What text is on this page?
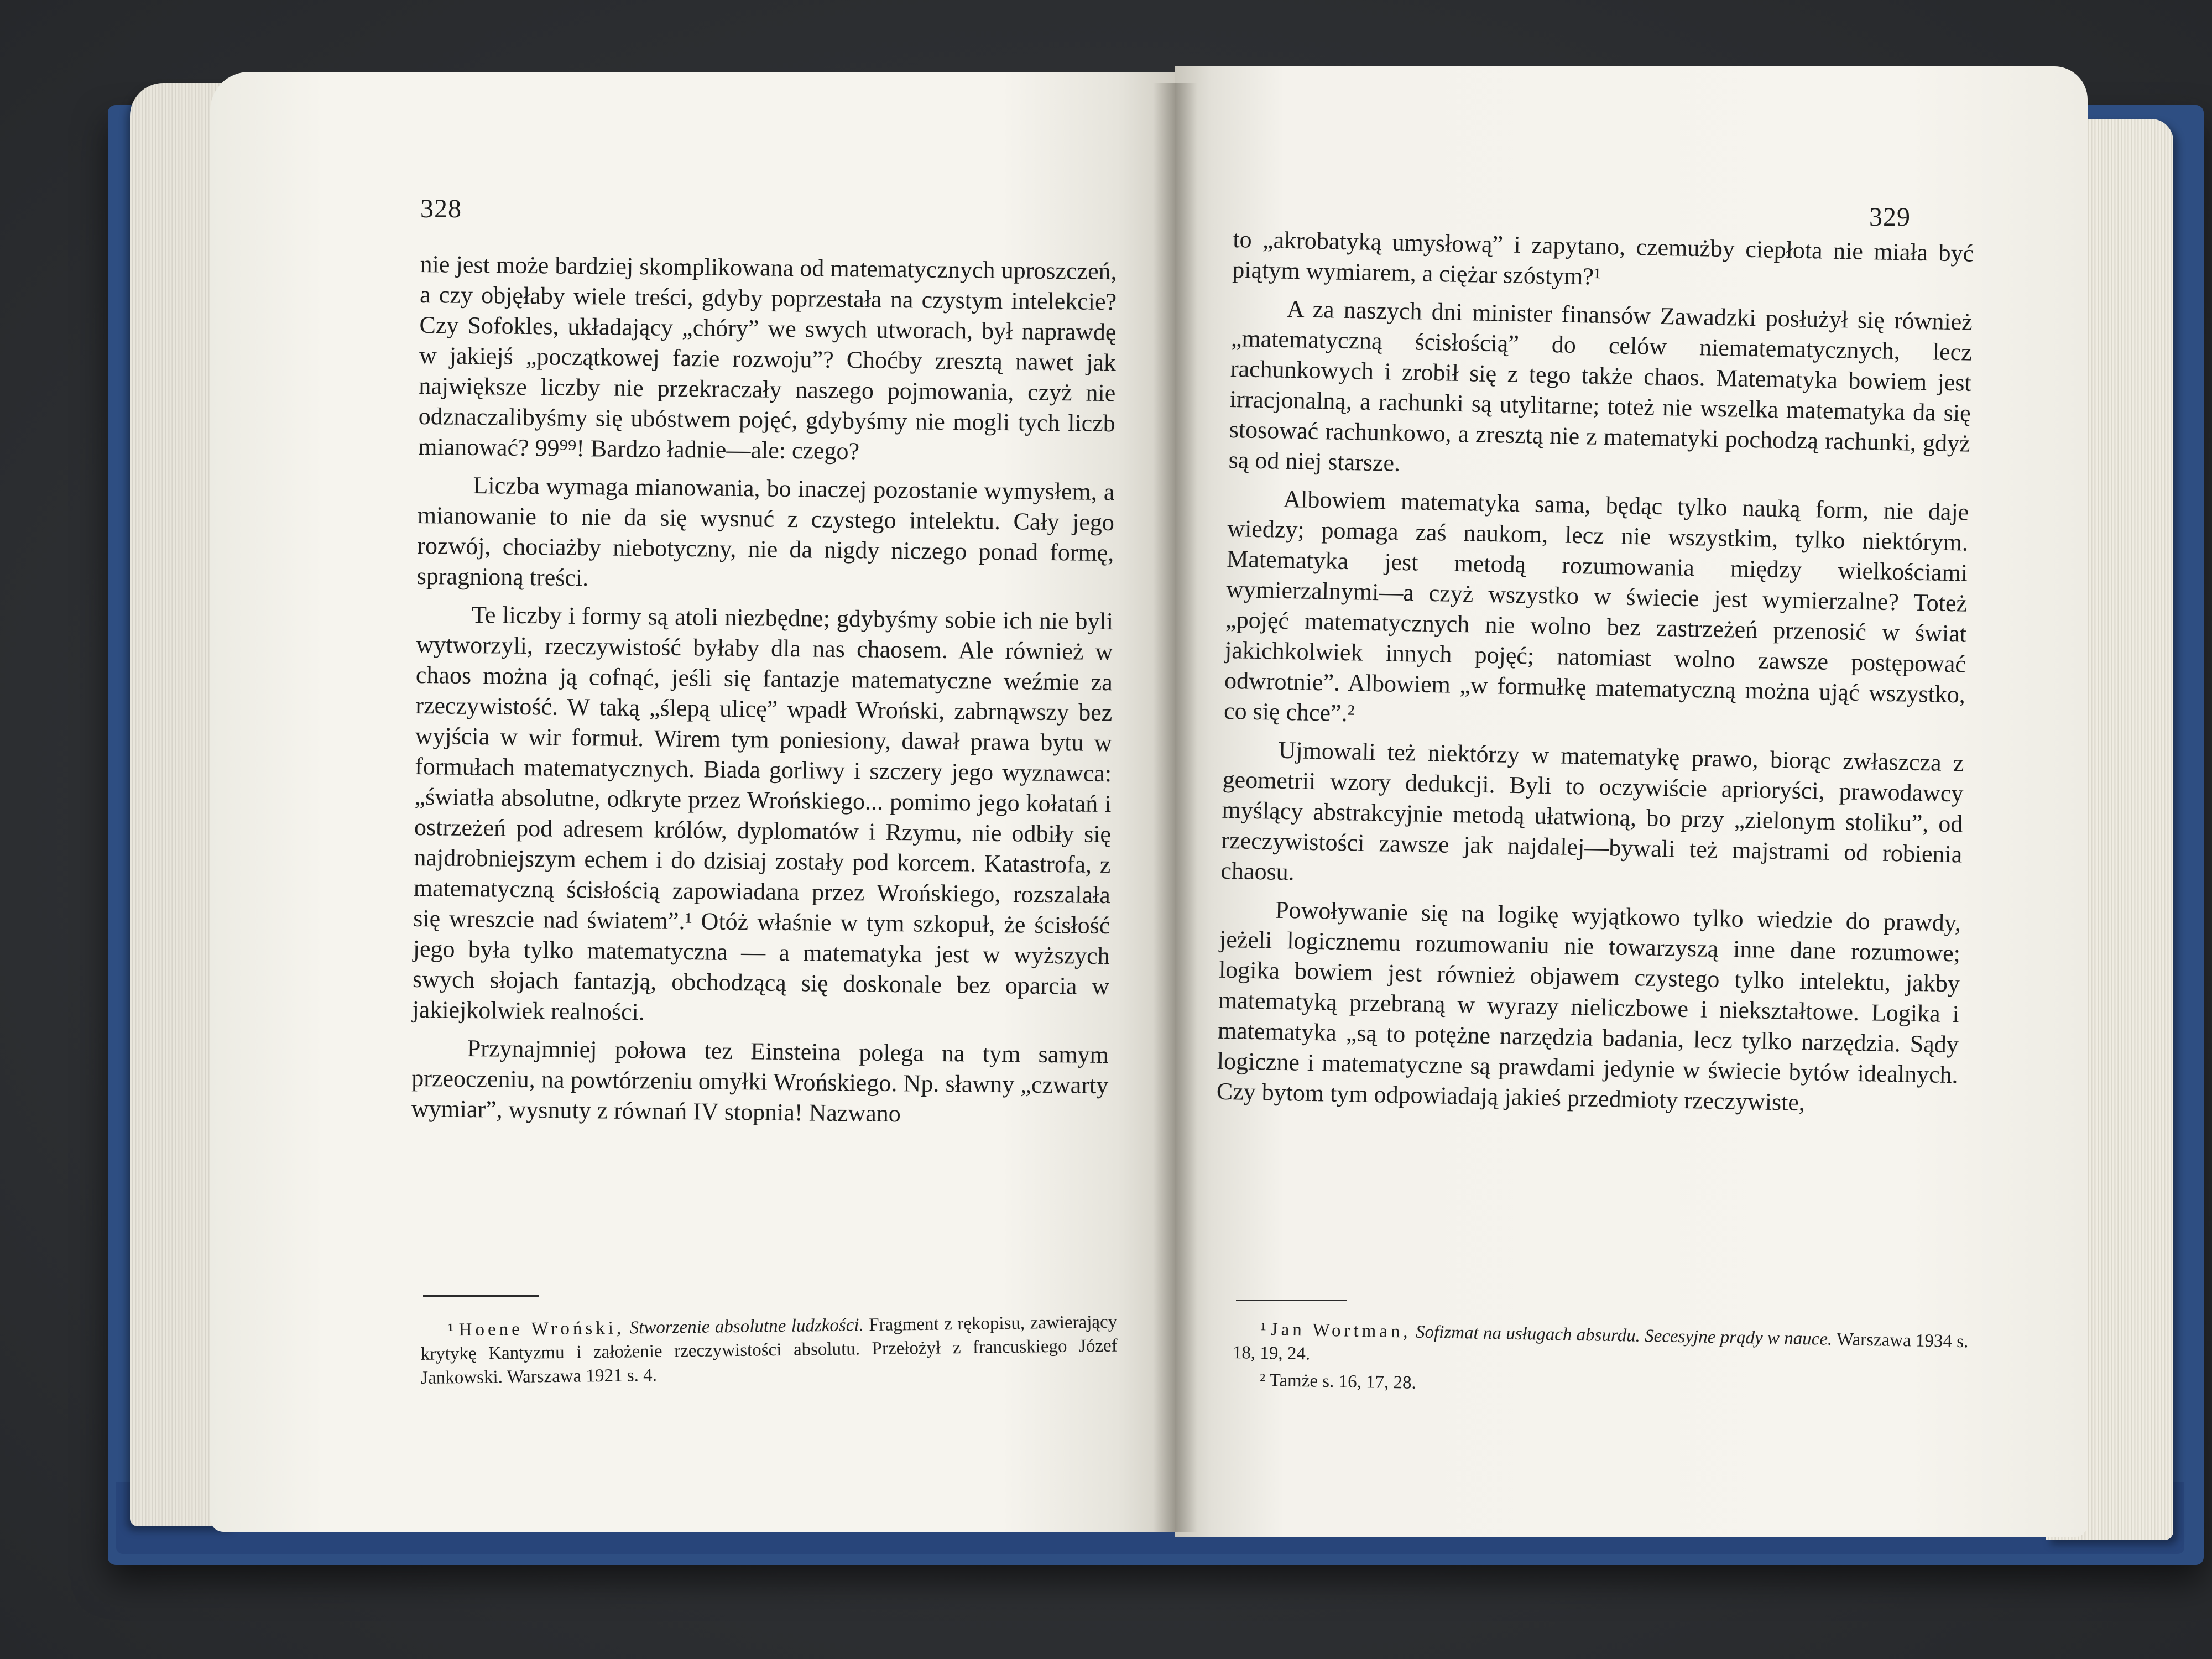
328

nie jest może bardziej skomplikowana od matematycznych uproszczeń, a czy objęłaby wiele treści, gdyby poprzestała na czystym intelekcie? Czy Sofokles, układający „chóry” we swych utworach, był naprawdę w jakiejś „początkowej fazie rozwoju”? Choćby zresztą nawet jak największe liczby nie przekraczały naszego pojmowania, czyż nie odznaczalibyśmy się ubóstwem pojęć, gdybyśmy nie mogli tych liczb mianować? 99⁹⁹! Bardzo ładnie—ale: czego?

Liczba wymaga mianowania, bo inaczej pozostanie wymysłem, a mianowanie to nie da się wysnuć z czystego intelektu. Cały jego rozwój, chociażby niebotyczny, nie da nigdy niczego ponad formę, spragnioną treści.

Te liczby i formy są atoli niezbędne; gdybyśmy sobie ich nie byli wytworzyli, rzeczywistość byłaby dla nas chaosem. Ale również w chaos można ją cofnąć, jeśli się fantazje matematyczne weźmie za rzeczywistość. W taką „ślepą ulicę” wpadł Wroński, zabrnąwszy bez wyjścia w wir formuł. Wirem tym poniesiony, dawał prawa bytu w formułach matematycznych. Biada gorliwy i szczery jego wyznawca: „światła absolutne, odkryte przez Wrońskiego... pomimo jego kołatań i ostrzeżeń pod adresem królów, dyplomatów i Rzymu, nie odbiły się najdrobniejszym echem i do dzisiaj zostały pod korcem. Katastrofa, z matematyczną ścisłością zapowiadana przez Wrońskiego, rozszalała się wreszcie nad światem”.¹ Otóż właśnie w tym szkopuł, że ścisłość jego była tylko matematyczna — a matematyka jest w wyższych swych słojach fantazją, obchodzącą się doskonale bez oparcia w jakiejkolwiek realności.

Przynajmniej połowa tez Einsteina polega na tym samym przeoczeniu, na powtórzeniu omyłki Wrońskiego. Np. sławny „czwarty wymiar”, wysnuty z równań IV stopnia! Nazwano

¹ Hoene Wroński, Stworzenie absolutne ludzkości. Fragment z rękopisu, zawierający krytykę Kantyzmu i założenie rzeczywistości absolutu. Przełożył z francuskiego Józef Jankowski. Warszawa 1921 s. 4.

329

to „akrobatyką umysłową” i zapytano, czemużby ciepłota nie miała być piątym wymiarem, a ciężar szóstym?¹

A za naszych dni minister finansów Zawadzki posłużył się również „matematyczną ścisłością” do celów niematematycznych, lecz rachunkowych i zrobił się z tego także chaos. Matematyka bowiem jest irracjonalną, a rachunki są utylitarne; toteż nie wszelka matematyka da się stosować rachunkowo, a zresztą nie z matematyki pochodzą rachunki, gdyż są od niej starsze.

Albowiem matematyka sama, będąc tylko nauką form, nie daje wiedzy; pomaga zaś naukom, lecz nie wszystkim, tylko niektórym. Matematyka jest metodą rozumowania między wielkościami wymierzalnymi—a czyż wszystko w świecie jest wymierzalne? Toteż „pojęć matematycznych nie wolno bez zastrzeżeń przenosić w świat jakichkolwiek innych pojęć; natomiast wolno zawsze postępować odwrotnie”. Albowiem „w formułkę matematyczną można ująć wszystko, co się chce”.²

Ujmowali też niektórzy w matematykę prawo, biorąc zwłaszcza z geometrii wzory dedukcji. Byli to oczywiście aprioryści, prawodawcy myślący abstrakcyjnie metodą ułatwioną, bo przy „zielonym stoliku”, od rzeczywistości zawsze jak najdalej—bywali też majstrami od robienia chaosu.

Powoływanie się na logikę wyjątkowo tylko wiedzie do prawdy, jeżeli logicznemu rozumowaniu nie towarzyszą inne dane rozumowe; logika bowiem jest również objawem czystego tylko intelektu, jakby matematyką przebraną w wyrazy nieliczbowe i niekształtowe. Logika i matematyka „są to potężne narzędzia badania, lecz tylko narzędzia. Sądy logiczne i matematyczne są prawdami jedynie w świecie bytów idealnych. Czy bytom tym odpowiadają jakieś przedmioty rzeczywiste,

¹ Jan Wortman, Sofizmat na usługach absurdu. Secesyjne prądy w nauce. Warszawa 1934 s. 18, 19, 24.

² Tamże s. 16, 17, 28.
